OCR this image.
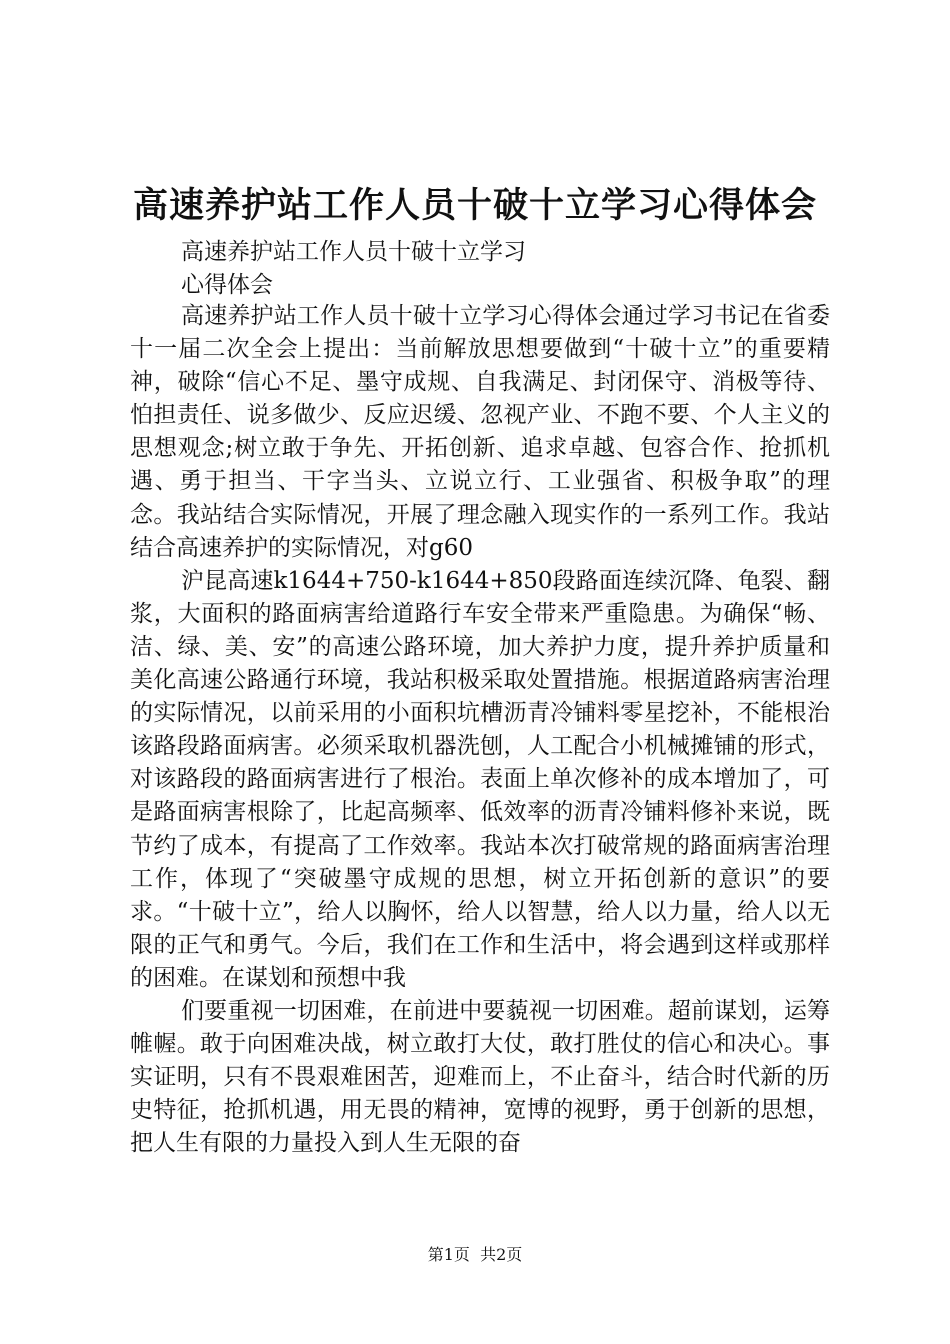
高速养护站工作人员十破十立学习心得体会

高速养护站工作人员十破十立学习

心得体会

高速养护站工作人员十破十立学习心得体会通过学习书记在省委十一届二次全会上提出：当前解放思想要做到“十破十立”的重要精神，破除“信心不足、墨守成规、自我满足、封闭保守、消极等待、怕担责任、说多做少、反应迟缓、忽视产业、不跑不要、个人主义的思想观念;树立敢于争先、开拓创新、追求卓越、包容合作、抢抓机遇、勇于担当、干字当头、立说立行、工业强省、积极争取”的理念。我站结合实际情况，开展了理念融入现实作的一系列工作。我站结合高速养护的实际情况，对g60

沪昆高速k1644+750-k1644+850段路面连续沉降、龟裂、翻浆，大面积的路面病害给道路行车安全带来严重隐患。为确保“畅、洁、绿、美、安”的高速公路环境，加大养护力度，提升养护质量和美化高速公路通行环境，我站积极采取处置措施。根据道路病害治理的实际情况，以前采用的小面积坑槽沥青冷铺料零星挖补，不能根治该路段路面病害。必须采取机器洗刨，人工配合小机械摊铺的形式，对该路段的路面病害进行了根治。表面上单次修补的成本增加了，可是路面病害根除了，比起高频率、低效率的沥青冷铺料修补来说，既节约了成本，有提高了工作效率。我站本次打破常规的路面病害治理工作，体现了“突破墨守成规的思想，树立开拓创新的意识”的要求。“十破十立”，给人以胸怀，给人以智慧，给人以力量，给人以无限的正气和勇气。今后，我们在工作和生活中，将会遇到这样或那样的困难。在谋划和预想中我

们要重视一切困难，在前进中要藐视一切困难。超前谋划，运筹帷幄。敢于向困难决战，树立敢打大仗，敢打胜仗的信心和决心。事实证明，只有不畏艰难困苦，迎难而上，不止奋斗，结合时代新的历史特征，抢抓机遇，用无畏的精神，宽博的视野，勇于创新的思想，把人生有限的力量投入到人生无限的奋

第1页 共2页
